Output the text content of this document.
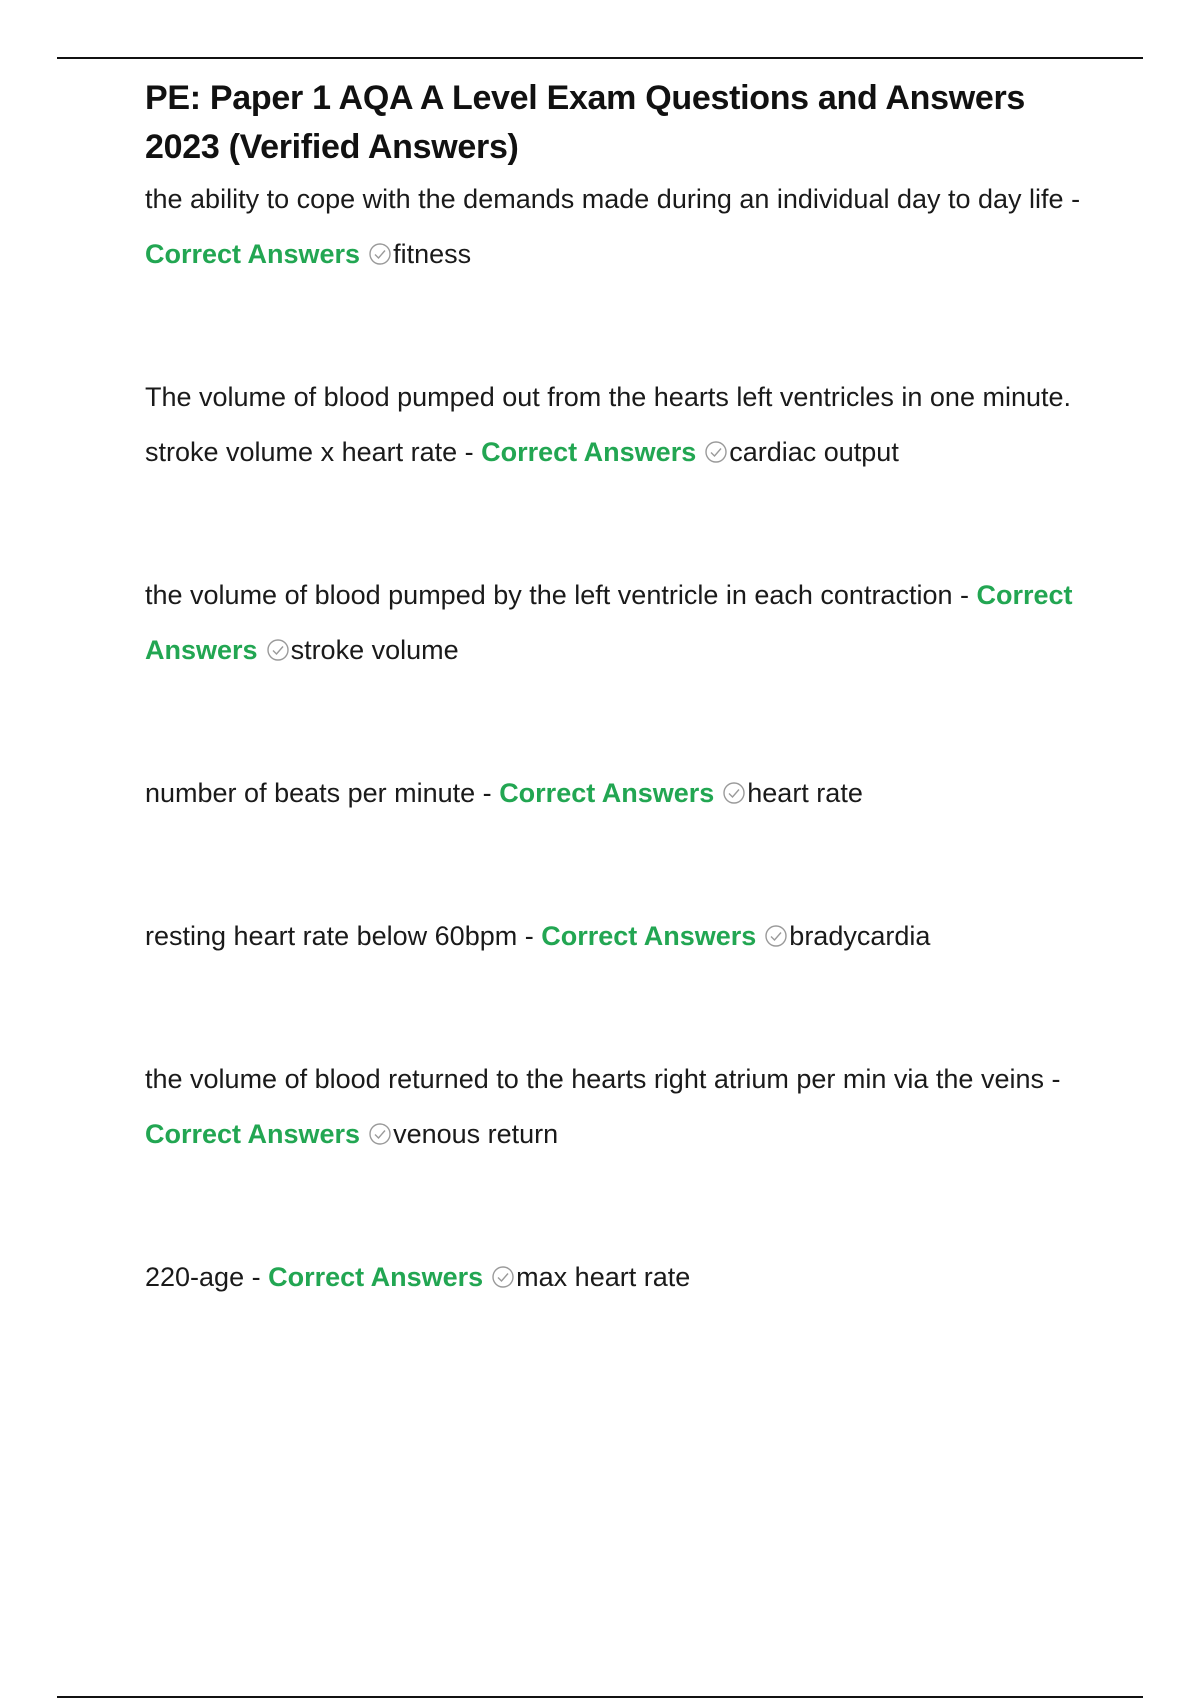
PE: Paper 1 AQA A Level Exam Questions and Answers 2023 (Verified Answers)

the ability to cope with the demands made during an individual day to day life - Correct Answers fitness

The volume of blood pumped out from the hearts left ventricles in one minute. stroke volume x heart rate - Correct Answers cardiac output

the volume of blood pumped by the left ventricle in each contraction - Correct Answers stroke volume

number of beats per minute - Correct Answers heart rate

resting heart rate below 60bpm - Correct Answers bradycardia

the volume of blood returned to the hearts right atrium per min via the veins - Correct Answers venous return

220-age - Correct Answers max heart rate
